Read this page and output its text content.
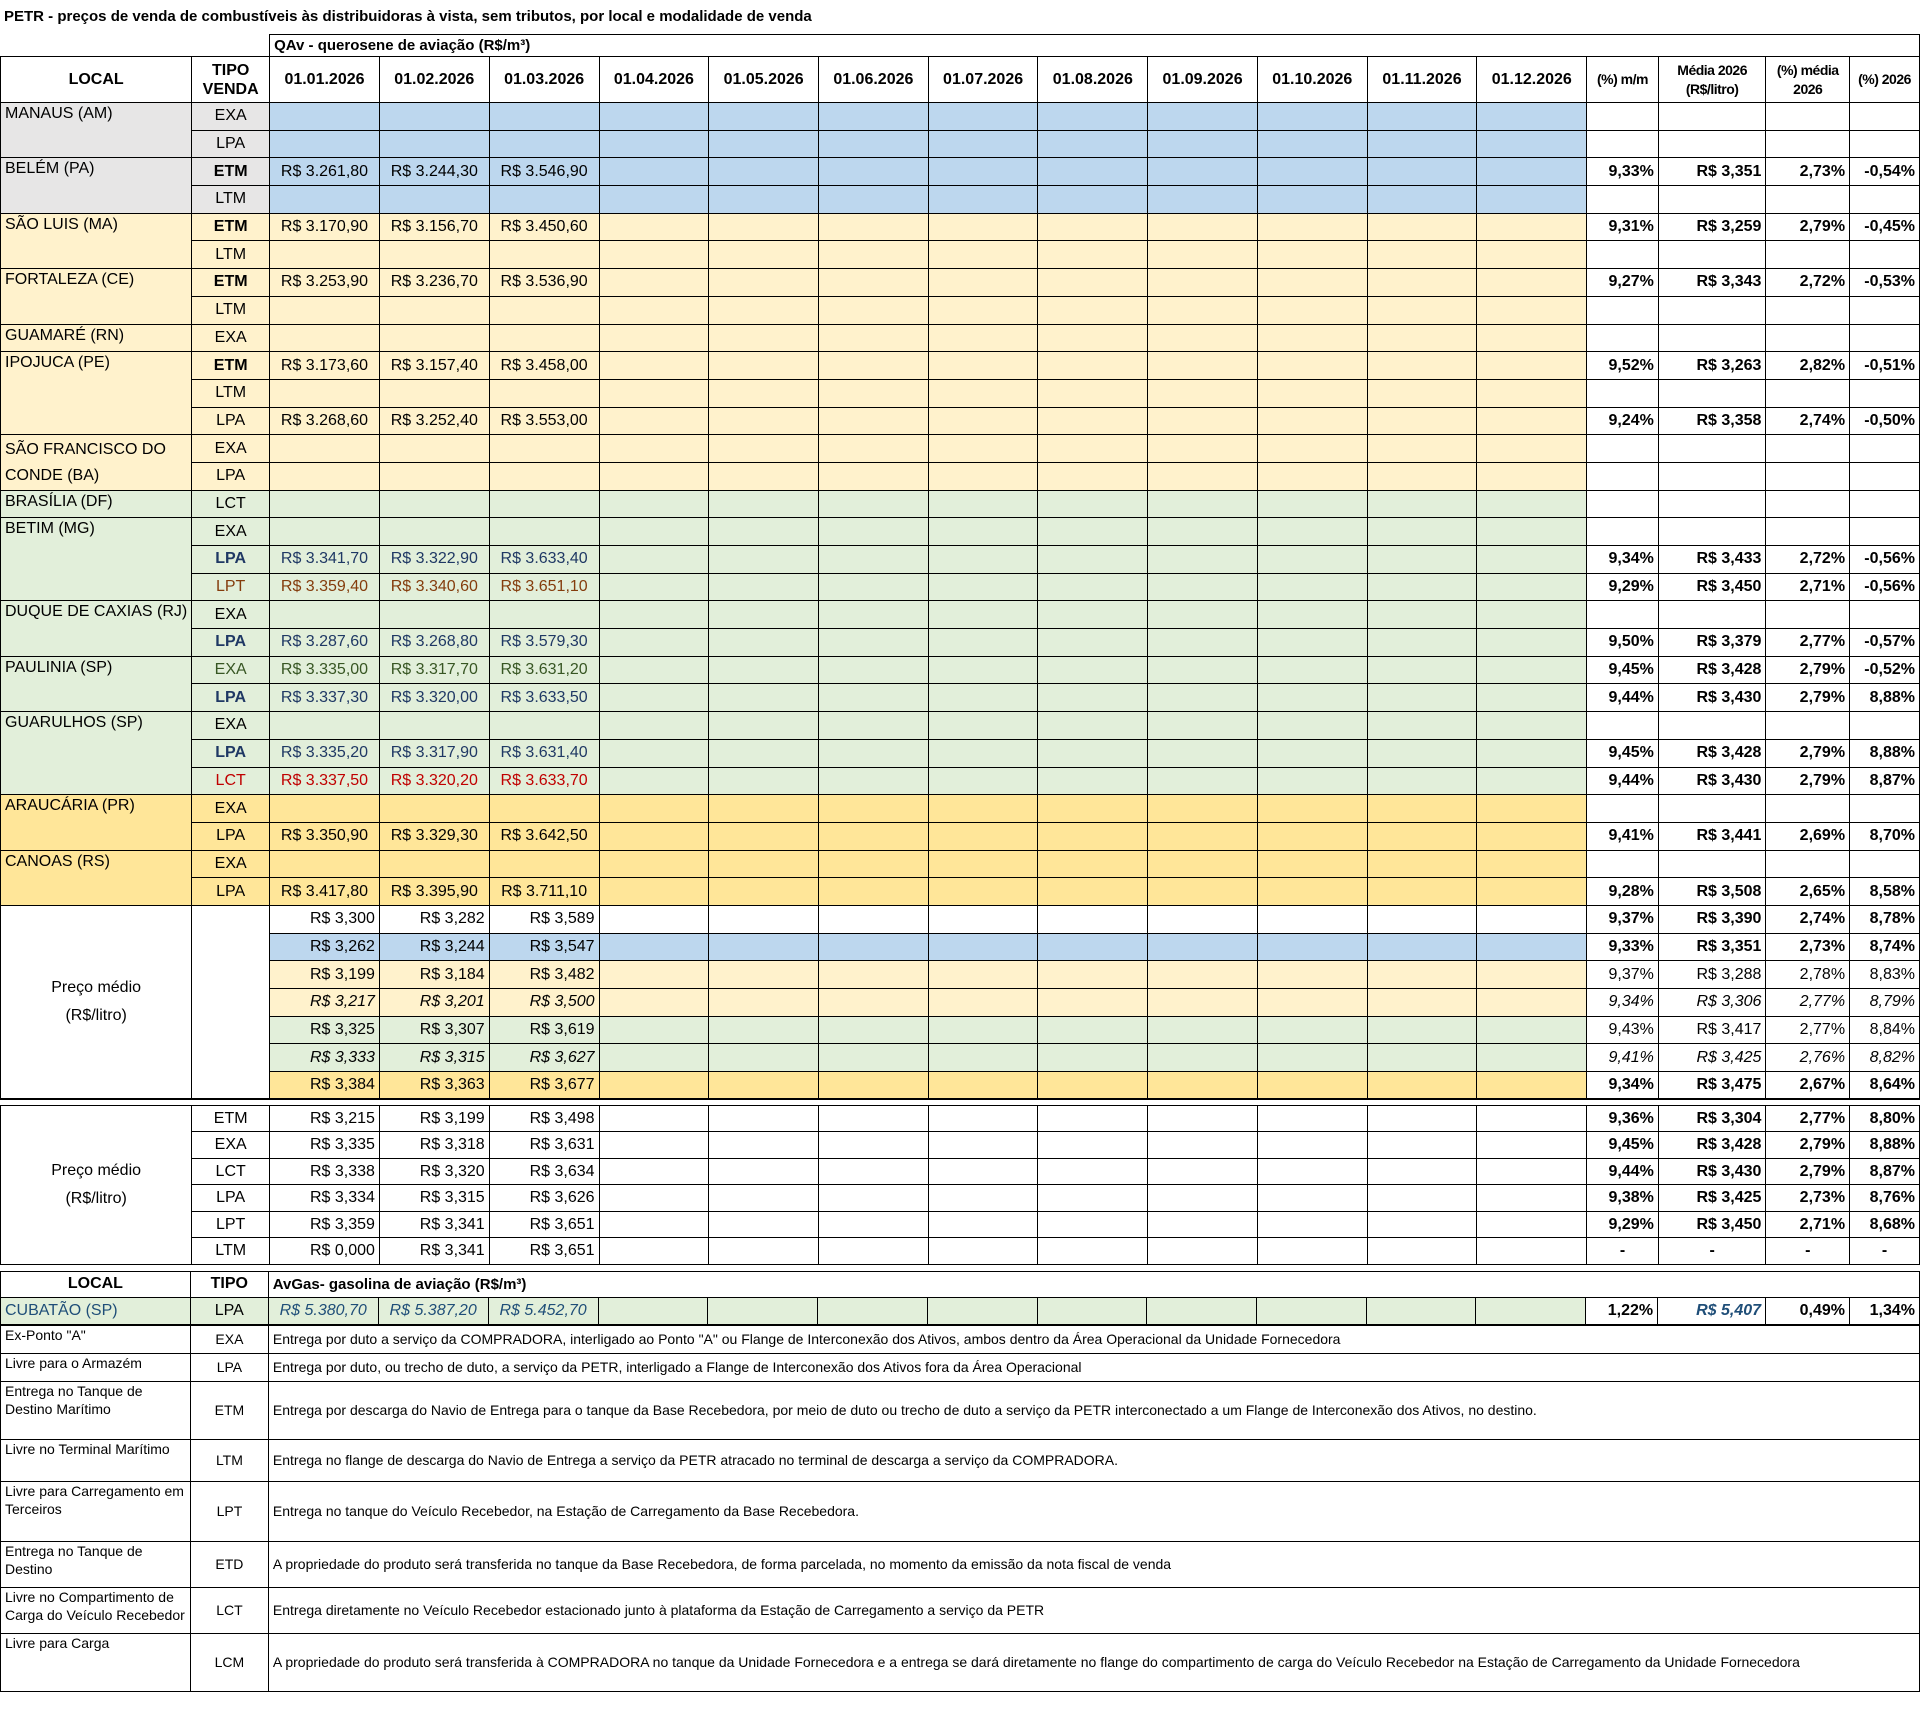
PETR - preços de venda de combustíveis às distribuidoras à vista, sem tributos, por local e modalidade de venda
		QAv - querosene de aviação (R$/m³)															
LOCAL	TIPO VENDA	01.01.2026	01.02.2026	01.03.2026	01.04.2026	01.05.2026	01.06.2026	01.07.2026	01.08.2026	01.09.2026	01.10.2026	01.11.2026	01.12.2026	(%) m/m	Média 2026 (R$/litro)	(%) média 2026	(%) 2026
MANAUS (AM)	EXA																
	LPA																
BELÉM (PA)	ETM	R$ 3.261,80	R$ 3.244,30	R$ 3.546,90										9,33%	R$ 3,351	2,73%	-0,54%
	LTM																
SÃO LUIS (MA)	ETM	R$ 3.170,90	R$ 3.156,70	R$ 3.450,60										9,31%	R$ 3,259	2,79%	-0,45%
	LTM																
FORTALEZA (CE)	ETM	R$ 3.253,90	R$ 3.236,70	R$ 3.536,90										9,27%	R$ 3,343	2,72%	-0,53%
	LTM																
GUAMARÉ (RN)	EXA																
IPOJUCA (PE)	ETM	R$ 3.173,60	R$ 3.157,40	R$ 3.458,00										9,52%	R$ 3,263	2,82%	-0,51%
	LTM																
	LPA	R$ 3.268,60	R$ 3.252,40	R$ 3.553,00										9,24%	R$ 3,358	2,74%	-0,50%
SÃO FRANCISCO DO CONDE (BA)	EXA																
	LPA																
BRASÍLIA (DF)	LCT																
BETIM (MG)	EXA																
	LPA	R$ 3.341,70	R$ 3.322,90	R$ 3.633,40										9,34%	R$ 3,433	2,72%	-0,56%
	LPT	R$ 3.359,40	R$ 3.340,60	R$ 3.651,10										9,29%	R$ 3,450	2,71%	-0,56%
DUQUE DE CAXIAS (RJ)	EXA																
	LPA	R$ 3.287,60	R$ 3.268,80	R$ 3.579,30										9,50%	R$ 3,379	2,77%	-0,57%
PAULINIA (SP)	EXA	R$ 3.335,00	R$ 3.317,70	R$ 3.631,20										9,45%	R$ 3,428	2,79%	-0,52%
	LPA	R$ 3.337,30	R$ 3.320,00	R$ 3.633,50										9,44%	R$ 3,430	2,79%	8,88%
GUARULHOS (SP)	EXA																
	LPA	R$ 3.335,20	R$ 3.317,90	R$ 3.631,40										9,45%	R$ 3,428	2,79%	8,88%
	LCT	R$ 3.337,50	R$ 3.320,20	R$ 3.633,70										9,44%	R$ 3,430	2,79%	8,87%
ARAUCÁRIA (PR)	EXA																
	LPA	R$ 3.350,90	R$ 3.329,30	R$ 3.642,50										9,41%	R$ 3,441	2,69%	8,70%
CANOAS (RS)	EXA																
	LPA	R$ 3.417,80	R$ 3.395,90	R$ 3.711,10										9,28%	R$ 3,508	2,65%	8,58%
Preço médio (R$/litro)		R$ 3,300	R$ 3,282	R$ 3,589										9,37%	R$ 3,390	2,74%	8,78%
		R$ 3,262	R$ 3,244	R$ 3,547										9,33%	R$ 3,351	2,73%	8,74%
		R$ 3,199	R$ 3,184	R$ 3,482										9,37%	R$ 3,288	2,78%	8,83%
		R$ 3,217	R$ 3,201	R$ 3,500										9,34%	R$ 3,306	2,77%	8,79%
		R$ 3,325	R$ 3,307	R$ 3,619										9,43%	R$ 3,417	2,77%	8,84%
		R$ 3,333	R$ 3,315	R$ 3,627										9,41%	R$ 3,425	2,76%	8,82%
		R$ 3,384	R$ 3,363	R$ 3,677										9,34%	R$ 3,475	2,67%	8,64%

Preço médio (R$/litro)	ETM	R$ 3,215	R$ 3,199	R$ 3,498										9,36%	R$ 3,304	2,77%	8,80%
	EXA	R$ 3,335	R$ 3,318	R$ 3,631										9,45%	R$ 3,428	2,79%	8,88%
	LCT	R$ 3,338	R$ 3,320	R$ 3,634										9,44%	R$ 3,430	2,79%	8,87%
	LPA	R$ 3,334	R$ 3,315	R$ 3,626										9,38%	R$ 3,425	2,73%	8,76%
	LPT	R$ 3,359	R$ 3,341	R$ 3,651										9,29%	R$ 3,450	2,71%	8,68%
	LTM	R$ 0,000	R$ 3,341	R$ 3,651										-	-	-	-
LOCAL	TIPO	AvGas- gasolina de aviação (R$/m³)															
CUBATÃO (SP)	LPA	R$ 5.380,70	R$ 5.387,20	R$ 5.452,70										1,22%	R$ 5,407	0,49%	1,34%
Ex-Ponto "A"	EXA	Entrega por duto a serviço da COMPRADORA, interligado ao Ponto "A" ou Flange de Interconexão dos Ativos, ambos dentro da Área Operacional da Unidade Fornecedora
Livre para o Armazém	LPA	Entrega por duto, ou trecho de duto, a serviço da PETR, interligado a Flange de Interconexão dos Ativos fora da Área Operacional
Entrega no Tanque de Destino Marítimo	ETM	Entrega por descarga do Navio de Entrega para o tanque da Base Recebedora, por meio de duto ou trecho de duto a serviço da PETR interconectado a um Flange de Interconexão dos Ativos, no destino.
Livre no Terminal Marítimo	LTM	Entrega no flange de descarga do Navio de Entrega a serviço da PETR atracado no terminal de descarga a serviço da COMPRADORA.
Livre para Carregamento em Terceiros	LPT	Entrega no tanque do Veículo Recebedor, na Estação de Carregamento da Base Recebedora.
Entrega no Tanque de Destino	ETD	A propriedade do produto será transferida no tanque da Base Recebedora, de forma parcelada, no momento da emissão da nota fiscal de venda
Livre no Compartimento de Carga do Veículo Recebedor	LCT	Entrega diretamente no Veículo Recebedor estacionado junto à plataforma da Estação de Carregamento a serviço da PETR
Livre para Carga	LCM	A propriedade do produto será transferida à COMPRADORA no tanque da Unidade Fornecedora e a entrega se dará diretamente no flange do compartimento de carga do Veículo Recebedor na Estação de Carregamento da Unidade Fornecedora
